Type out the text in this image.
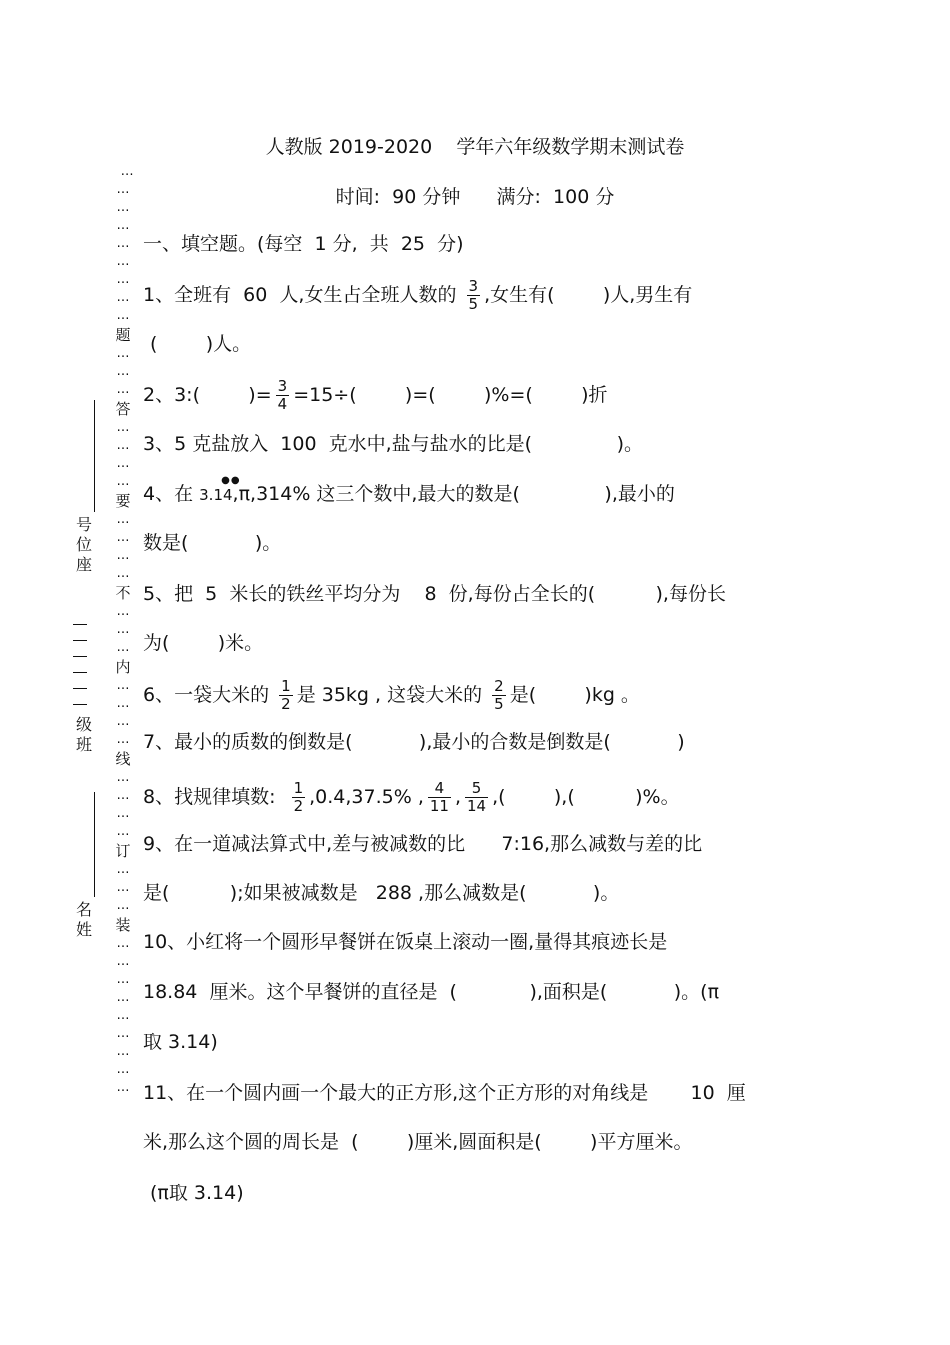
人教版 2019-2020    学年六年级数学期末测试卷
时间:  90 分钟      满分:  100 分

…
…
…
…
…
…
…
…
…
题
…
…
…
答
…
…
…
…
要
…
…
…
…
不
…
…
…
内
…
…
…
…
线
…
…
…
…
订
…
…
…
装
…
…
…
…
…
…
…
…
…

号位座
级班
名姓
一、填空题。(每空  1 分,  共  25  分)
1、全班有  60  人,女生占全班人数的 $\frac{3}{5}$ ,女生有(        )人,男生有
(        )人。
2、3:(        )= $\frac{3}{4} =15\div$(        )=(        )%=(        )折
3、5 克盐放入  100  克水中,盐与盐水的比是(              )。
4、在
●●
3.14,π,314% 这三个数中,最大的数是(              ),最小的
数是(           )。
5、把  5  米长的铁丝平均分为    8  份,每份占全长的(          ),每份长
为(        )米。
6、一袋大米的 $\frac{1}{2}$ 是 35kg , 这袋大米的 $\frac{2}{5}$ 是(        )kg 。
7、最小的质数的倒数是(           ),最小的合数是倒数是(           )
8、找规律填数: $\frac{1}{2} ,0.4,37.5\%$ , $\frac{4}{11}$ , $\frac{5}{14}$ ,(        ),(          )%。
9、在一道减法算式中,差与被减数的比      7:16,那么减数与差的比
是(          );如果被减数是   288 ,那么减数是(           )。
10、小红将一个圆形早餐饼在饭桌上滚动一圈,量得其痕迹长是
18.84  厘米。这个早餐饼的直径是  (            ),面积是(           )。(π
取 3.14)
11、在一个圆内画一个最大的正方形,这个正方形的对角线是       10  厘
米,那么这个圆的周长是  (        )厘米,圆面积是(        )平方厘米。
(π取 3.14)
